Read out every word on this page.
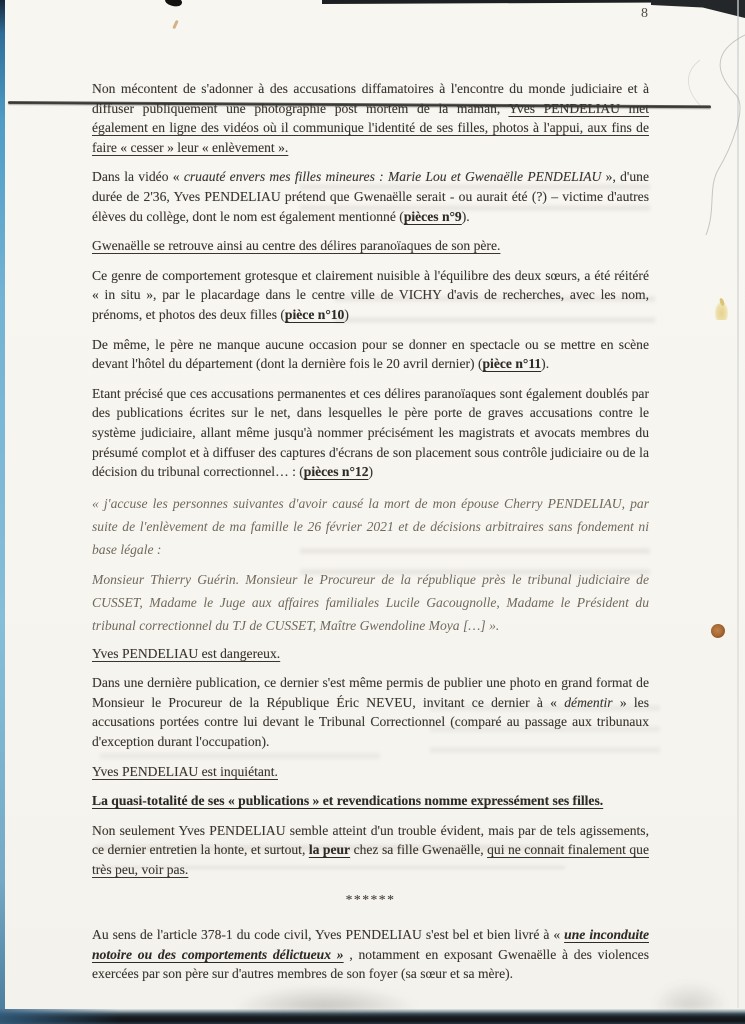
8

Non mécontent de s'adonner à des accusations diffamatoires à l'encontre du monde judiciaire et à diffuser publiquement une photographie post mortem de la maman, Yves PENDELIAU met également en ligne des vidéos où il communique l'identité de ses filles, photos à l'appui, aux fins de faire « cesser » leur « enlèvement ».

Dans la vidéo « cruauté envers mes filles mineures : Marie Lou et Gwenaëlle PENDELIAU », d'une durée de 2'36, Yves PENDELIAU prétend que Gwenaëlle serait - ou aurait été (?) – victime d'autres élèves du collège, dont le nom est également mentionné (pièces n°9).

Gwenaëlle se retrouve ainsi au centre des délires paranoïaques de son père.

Ce genre de comportement grotesque et clairement nuisible à l'équilibre des deux sœurs, a été réitéré « in situ », par le placardage dans le centre ville de VICHY d'avis de recherches, avec les nom, prénoms, et photos des deux filles (pièce n°10)

De même, le père ne manque aucune occasion pour se donner en spectacle ou se mettre en scène devant l'hôtel du département (dont la dernière fois le 20 avril dernier) (pièce n°11).

Etant précisé que ces accusations permanentes et ces délires paranoïaques sont également doublés par des publications écrites sur le net, dans lesquelles le père porte de graves accusations contre le système judiciaire, allant même jusqu'à nommer précisément les magistrats et avocats membres du présumé complot et à diffuser des captures d'écrans de son placement sous contrôle judiciaire ou de la décision du tribunal correctionnel… : (pièces n°12)

« j'accuse les personnes suivantes d'avoir causé la mort de mon épouse Cherry PENDELIAU, par suite de l'enlèvement de ma famille le 26 février 2021 et de décisions arbitraires sans fondement ni base légale :

Monsieur Thierry Guérin. Monsieur le Procureur de la république près le tribunal judiciaire de CUSSET, Madame le Juge aux affaires familiales Lucile Gacougnolle, Madame le Président du tribunal correctionnel du TJ de CUSSET, Maître Gwendoline Moya […] ».

Yves PENDELIAU est dangereux.

Dans une dernière publication, ce dernier s'est même permis de publier une photo en grand format de Monsieur le Procureur de la République Éric NEVEU, invitant ce dernier à « démentir » les accusations portées contre lui devant le Tribunal Correctionnel (comparé au passage aux tribunaux d'exception durant l'occupation).

Yves PENDELIAU est inquiétant.

La quasi-totalité de ses « publications » et revendications nomme expressément ses filles.

Non seulement Yves PENDELIAU semble atteint d'un trouble évident, mais par de tels agissements, ce dernier entretien la honte, et surtout, la peur chez sa fille Gwenaëlle, qui ne connait finalement que très peu, voir pas.

******

Au sens de l'article 378-1 du code civil, Yves PENDELIAU s'est bel et bien livré à « une inconduite notoire ou des comportements délictueux » , notamment en exposant Gwenaëlle à des violences exercées par son père sur d'autres membres de son foyer (sa sœur et sa mère).
